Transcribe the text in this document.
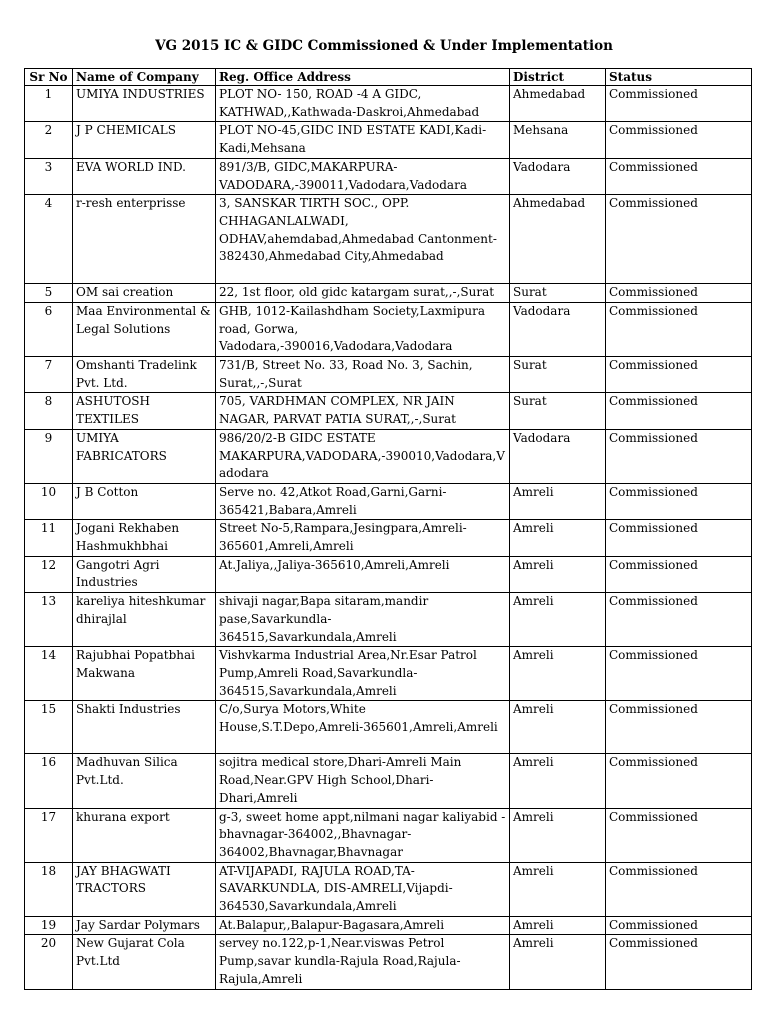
VG 2015 IC & GIDC Commissioned & Under Implementation
Sr No	Name of Company	Reg. Office Address	District	Status
1	UMIYA INDUSTRIES	PLOT NO- 150, ROAD -4 A GIDC, KATHWAD,,Kathwada-Daskroi,Ahmedabad	Ahmedabad	Commissioned
2	J P CHEMICALS	PLOT NO-45,GIDC IND ESTATE KADI,Kadi-Kadi,Mehsana	Mehsana	Commissioned
3	EVA WORLD IND.	891/3/B, GIDC,MAKARPURA- VADODARA,-390011,Vadodara,Vadodara	Vadodara	Commissioned
4	r-resh enterprisse	3, SANSKAR TIRTH SOC., OPP. CHHAGANLALWADI, ODHAV,ahemdabad,Ahmedabad Cantonment-382430,Ahmedabad City,Ahmedabad	Ahmedabad	Commissioned
5	OM sai creation	22, 1st floor, old gidc katargam surat,,-,Surat	Surat	Commissioned
6	Maa Environmental & Legal Solutions	GHB, 1012-Kailashdham Society,Laxmipura road, Gorwa, Vadodara,-390016,Vadodara,Vadodara	Vadodara	Commissioned
7	Omshanti Tradelink Pvt. Ltd.	731/B, Street No. 33, Road No. 3, Sachin, Surat,,-,Surat	Surat	Commissioned
8	ASHUTOSH TEXTILES	705, VARDHMAN COMPLEX, NR JAIN NAGAR, PARVAT PATIA SURAT,,-,Surat	Surat	Commissioned
9	UMIYA FABRICATORS	986/20/2-B GIDC ESTATE MAKARPURA,VADODARA,-390010,Vadodara,Vadodara	Vadodara	Commissioned
10	J B Cotton	Serve no. 42,Atkot Road,Garni,Garni-365421,Babara,Amreli	Amreli	Commissioned
11	Jogani Rekhaben Hashmukhbhai	Street No-5,Rampara,Jesingpara,Amreli-365601,Amreli,Amreli	Amreli	Commissioned
12	Gangotri Agri Industries	At.Jaliya,,Jaliya-365610,Amreli,Amreli	Amreli	Commissioned
13	kareliya hiteshkumar dhirajlal	shivaji nagar,Bapa sitaram,mandir pase,Savarkundla-364515,Savarkundala,Amreli	Amreli	Commissioned
14	Rajubhai Popatbhai Makwana	Vishvkarma Industrial Area,Nr.Esar Patrol Pump,Amreli Road,Savarkundla-364515,Savarkundala,Amreli	Amreli	Commissioned
15	Shakti Industries	C/o,Surya Motors,White House,S.T.Depo,Amreli-365601,Amreli,Amreli	Amreli	Commissioned
16	Madhuvan Silica Pvt.Ltd.	sojitra medical store,Dhari-Amreli Main Road,Near.GPV High School,Dhari-Dhari,Amreli	Amreli	Commissioned
17	khurana export	g-3, sweet home appt,nilmani nagar kaliyabid - bhavnagar-364002,,Bhavnagar-364002,Bhavnagar,Bhavnagar	Amreli	Commissioned
18	JAY BHAGWATI TRACTORS	AT-VIJAPADI, RAJULA ROAD,TA-SAVARKUNDLA, DIS-AMRELI,Vijapdi-364530,Savarkundala,Amreli	Amreli	Commissioned
19	Jay Sardar Polymars	At.Balapur,,Balapur-Bagasara,Amreli	Amreli	Commissioned
20	New Gujarat Cola Pvt.Ltd	servey no.122,p-1,Near.viswas Petrol Pump,savar kundla-Rajula Road,Rajula-Rajula,Amreli	Amreli	Commissioned
